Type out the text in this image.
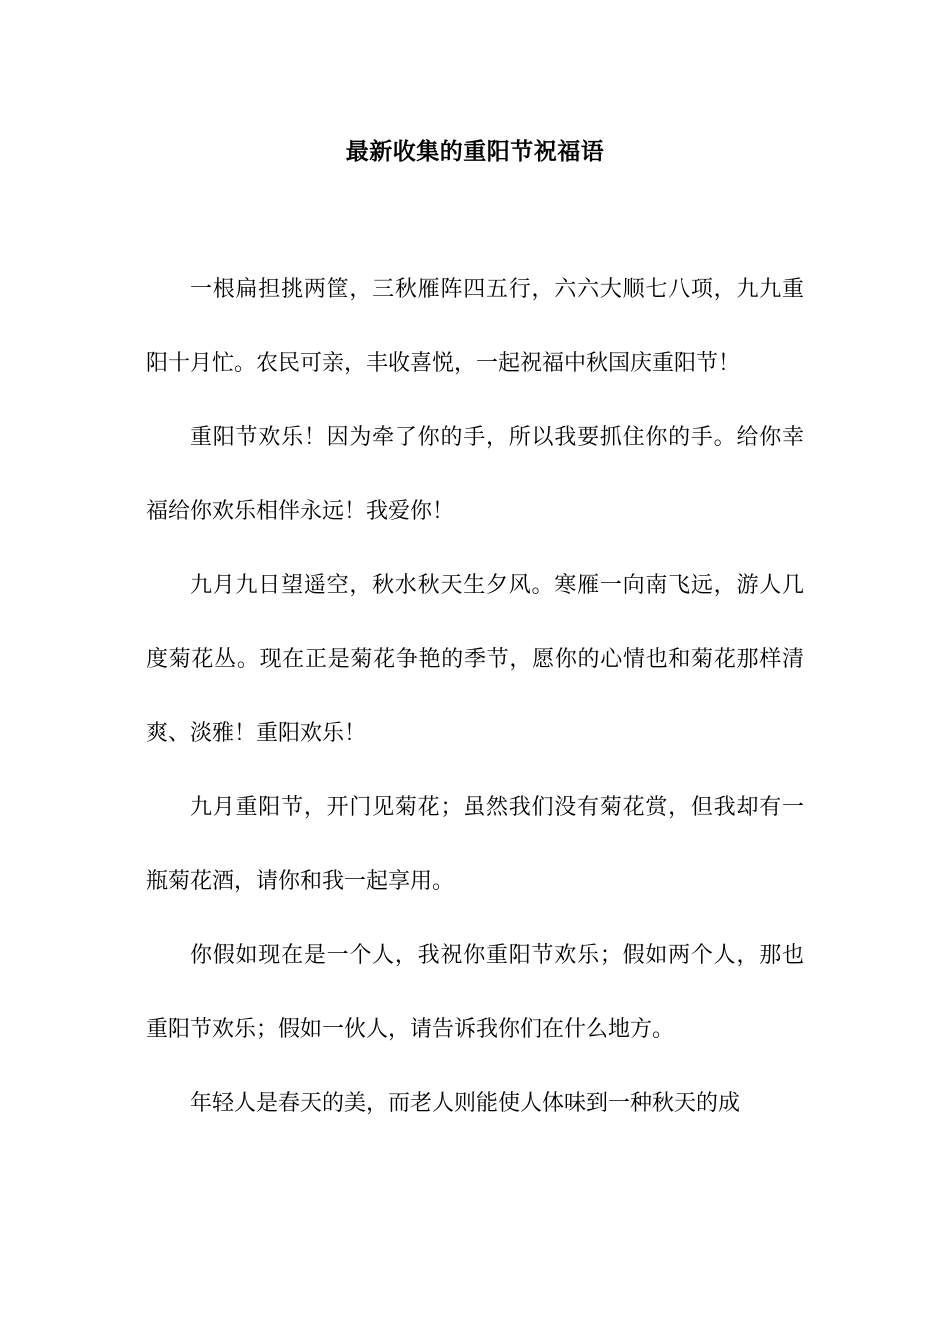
最新收集的重阳节祝福语

一根扁担挑两筐，三秋雁阵四五行，六六大顺七八项，九九重阳十月忙。农民可亲，丰收喜悦，一起祝福中秋国庆重阳节！

重阳节欢乐！因为牵了你的手，所以我要抓住你的手。给你幸福给你欢乐相伴永远！我爱你！

九月九日望遥空，秋水秋天生夕风。寒雁一向南飞远，游人几度菊花丛。现在正是菊花争艳的季节，愿你的心情也和菊花那样清爽、淡雅！重阳欢乐！

九月重阳节，开门见菊花；虽然我们没有菊花赏，但我却有一瓶菊花酒，请你和我一起享用。

你假如现在是一个人，我祝你重阳节欢乐；假如两个人，那也重阳节欢乐；假如一伙人，请告诉我你们在什么地方。

年轻人是春天的美，而老人则能使人体味到一种秋天的成
